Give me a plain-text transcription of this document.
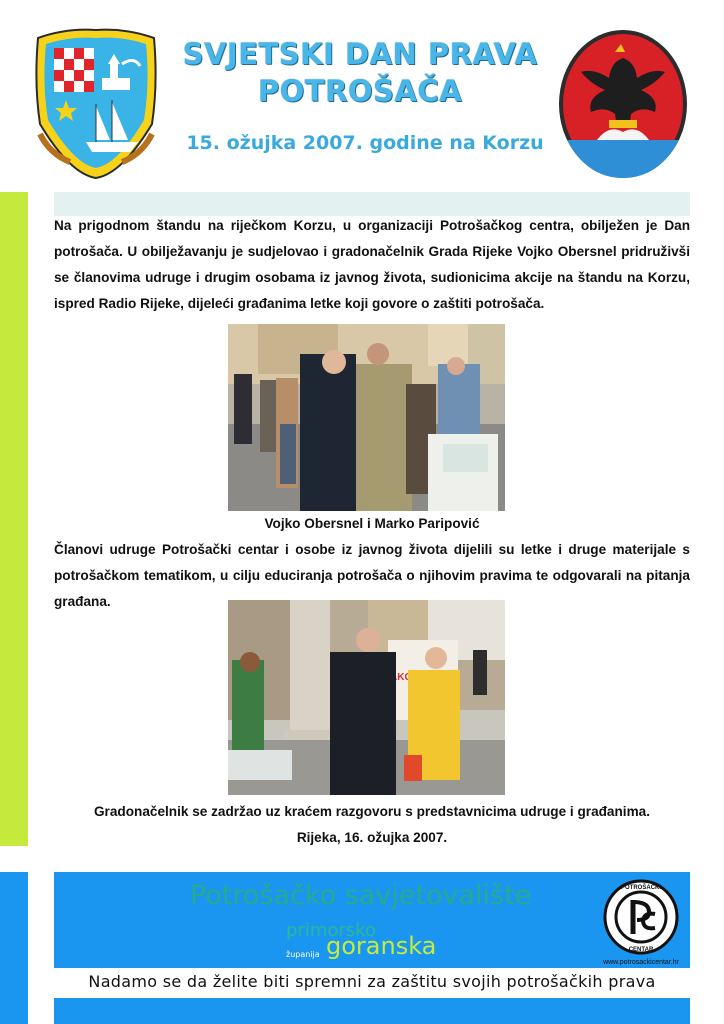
SVJETSKI DAN PRAVA
POTROŠAČA
15. ožujka 2007. godine na Korzu
Na prigodnom štandu na riječkom Korzu, u organizaciji Potrošačkog centra, obilježen je Dan potrošača. U obilježavanju je sudjelovao i gradonačelnik Grada Rijeke Vojko Obersnel pridruživši se članovima udruge i drugim osobama iz javnog života, sudionicima akcije na štandu na Korzu, ispred Radio Rijeke, dijeleći građanima letke koji govore o zaštiti potrošača.
Vojko Obersnel i Marko Paripović
Članovi udruge Potrošački centar i osobe iz javnog života dijelili su letke i druge materijale s potrošačkom tematikom, u cilju educiranja potrošača o njihovim pravima te odgovarali na pitanja građana.
Gradonačelnik se zadržao uz kraćem razgovoru s predstavnicima udruge i građanima.
Rijeka, 16. ožujka 2007.
Potrošačko savjetovalište
primorsko
županija goranska
POTROŠAČKI
CENTAR
www.potrosackicentar.hr
Nadamo se da želite biti spremni za zaštitu svojih potrošačkih prava
